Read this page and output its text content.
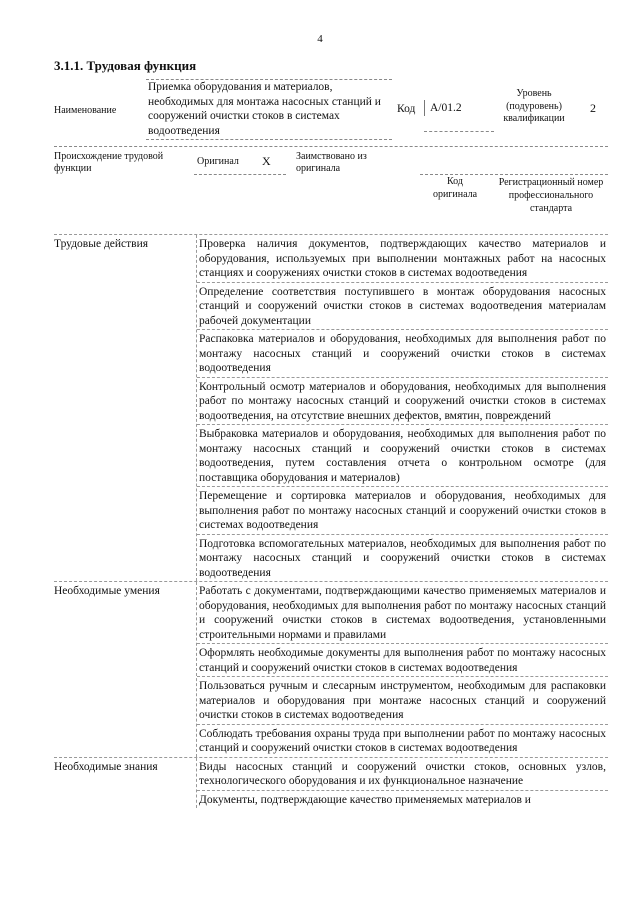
4
3.1.1. Трудовая функция
Наименование
Приемка оборудования и материалов, необходимых для монтажа насосных станций и сооружений очистки стоков в системах водоотведения
Код A/01.2
Уровень (подуровень) квалификации
2
Происхождение трудовой функции
Оригинал X	Заимствовано из оригинала
Код оригинала
Регистрационный номер профессионального стандарта
Трудовые действия	Проверка наличия документов, подтверждающих качество материалов и оборудования, используемых при выполнении монтажных работ на насосных станциях и сооружениях очистки стоков в системах водоотведения
Определение соответствия поступившего в монтаж оборудования насосных станций и сооружений очистки стоков в системах водоотведения материалам рабочей документации
Распаковка материалов и оборудования, необходимых для выполнения работ по монтажу насосных станций и сооружений очистки стоков в системах водоотведения
Контрольный осмотр материалов и оборудования, необходимых для выполнения работ по монтажу насосных станций и сооружений очистки стоков в системах водоотведения, на отсутствие внешних дефектов, вмятин, повреждений
Выбраковка материалов и оборудования, необходимых для выполнения работ по монтажу насосных станций и сооружений очистки стоков в системах водоотведения, путем составления отчета о контрольном осмотре (для поставщика оборудования и материалов)
Перемещение и сортировка материалов и оборудования, необходимых для выполнения работ по монтажу насосных станций и сооружений очистки стоков в системах водоотведения
Подготовка вспомогательных материалов, необходимых для выполнения работ по монтажу насосных станций и сооружений очистки стоков в системах водоотведения
Необходимые умения	Работать с документами, подтверждающими качество применяемых материалов и оборудования, необходимых для выполнения работ по монтажу насосных станций и сооружений очистки стоков в системах водоотведения, установленными строительными нормами и правилами
Оформлять необходимые документы для выполнения работ по монтажу насосных станций и сооружений очистки стоков в системах водоотведения
Пользоваться ручным и слесарным инструментом, необходимым для распаковки материалов и оборудования при монтаже насосных станций и сооружений очистки стоков в системах водоотведения
Соблюдать требования охраны труда при выполнении работ по монтажу насосных станций и сооружений очистки стоков в системах водоотведения
Необходимые знания	Виды насосных станций и сооружений очистки стоков, основных узлов, технологического оборудования и их функциональное назначение
Документы, подтверждающие качество применяемых материалов и
